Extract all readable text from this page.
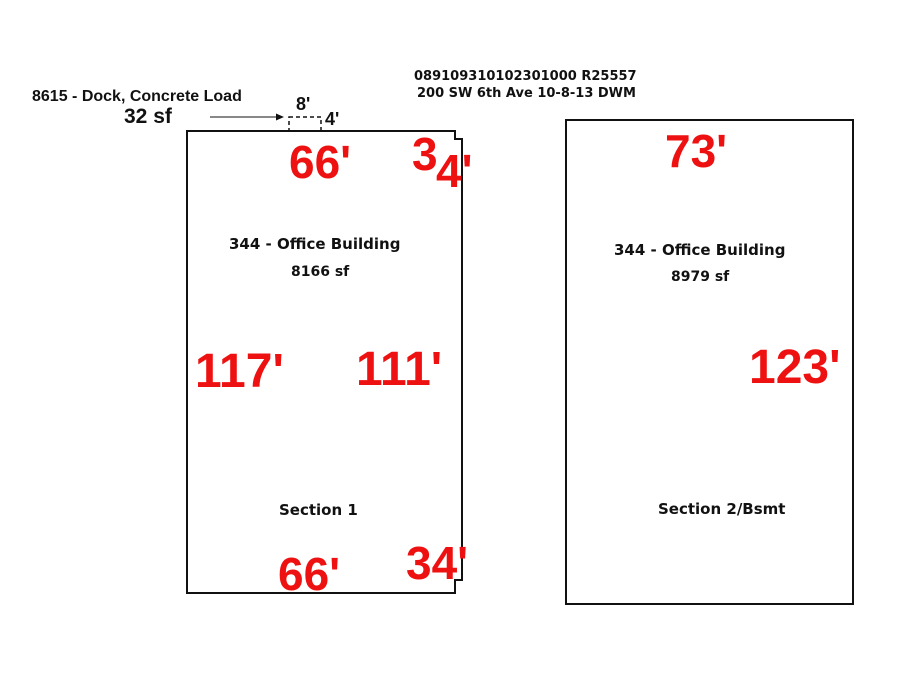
089109310102301000 R25557
200 SW 6th Ave 10-8-13 DWM
8615 - Dock, Concrete Load
32 sf
8'
4'
344 - Office Building
8166 sf
Section 1
66' 3
4'
117' 111'
66' 34'
344 - Office Building
8979 sf
Section 2/Bsmt
73'
123'
